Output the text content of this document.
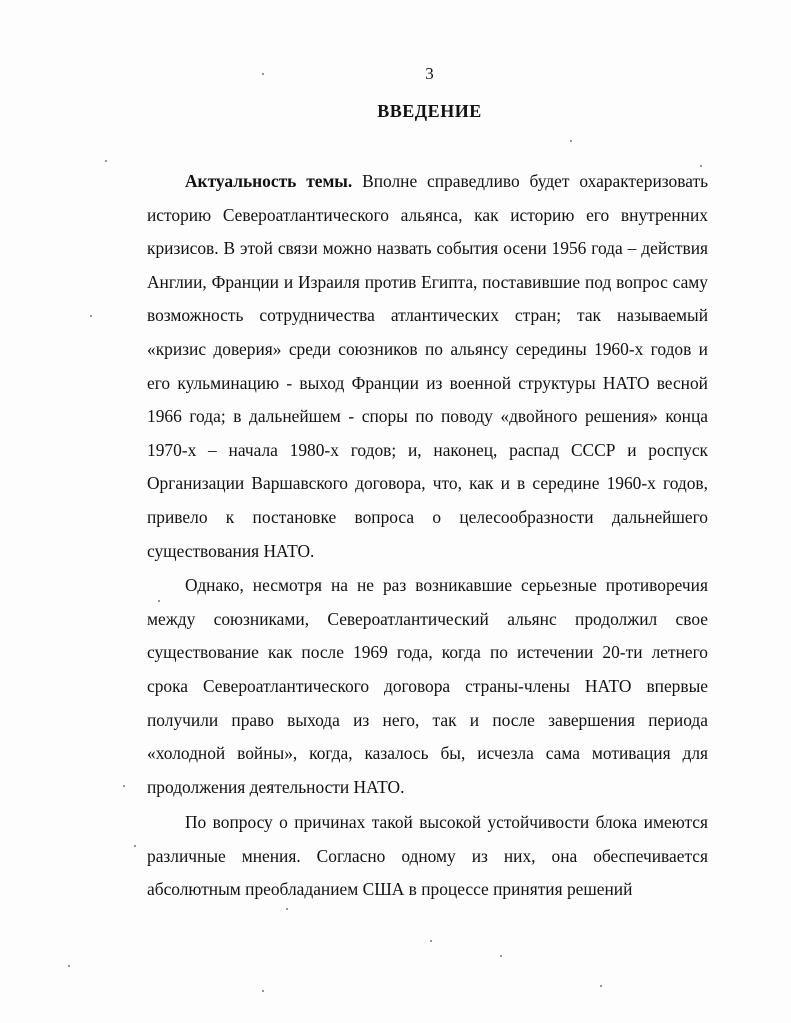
3
ВВЕДЕНИЕ

Актуальность темы. Вполне справедливо будет охарактеризовать историю Североатлантического альянса, как историю его внутренних кризисов. В этой связи можно назвать события осени 1956 года – действия Англии, Франции и Израиля против Египта, поставившие под вопрос саму возможность сотрудничества атлантических стран; так называемый «кризис доверия» среди союзников по альянсу середины 1960-х годов и его кульминацию - выход Франции из военной структуры НАТО весной 1966 года; в дальнейшем - споры по поводу «двойного решения» конца 1970-х – начала 1980-х годов; и, наконец, распад СССР и роспуск Организации Варшавского договора, что, как и в середине 1960-х годов, привело к постановке вопроса о целесообразности дальнейшего существования НАТО.

Однако, несмотря на не раз возникавшие серьезные противоречия между союзниками, Североатлантический альянс продолжил свое существование как после 1969 года, когда по истечении 20-ти летнего срока Североатлантического договора страны-члены НАТО впервые получили право выхода из него, так и после завершения периода «холодной войны», когда, казалось бы, исчезла сама мотивация для продолжения деятельности НАТО.

По вопросу о причинах такой высокой устойчивости блока имеются различные мнения. Согласно одному из них, она обеспечивается абсолютным преобладанием США в процессе принятия решений
